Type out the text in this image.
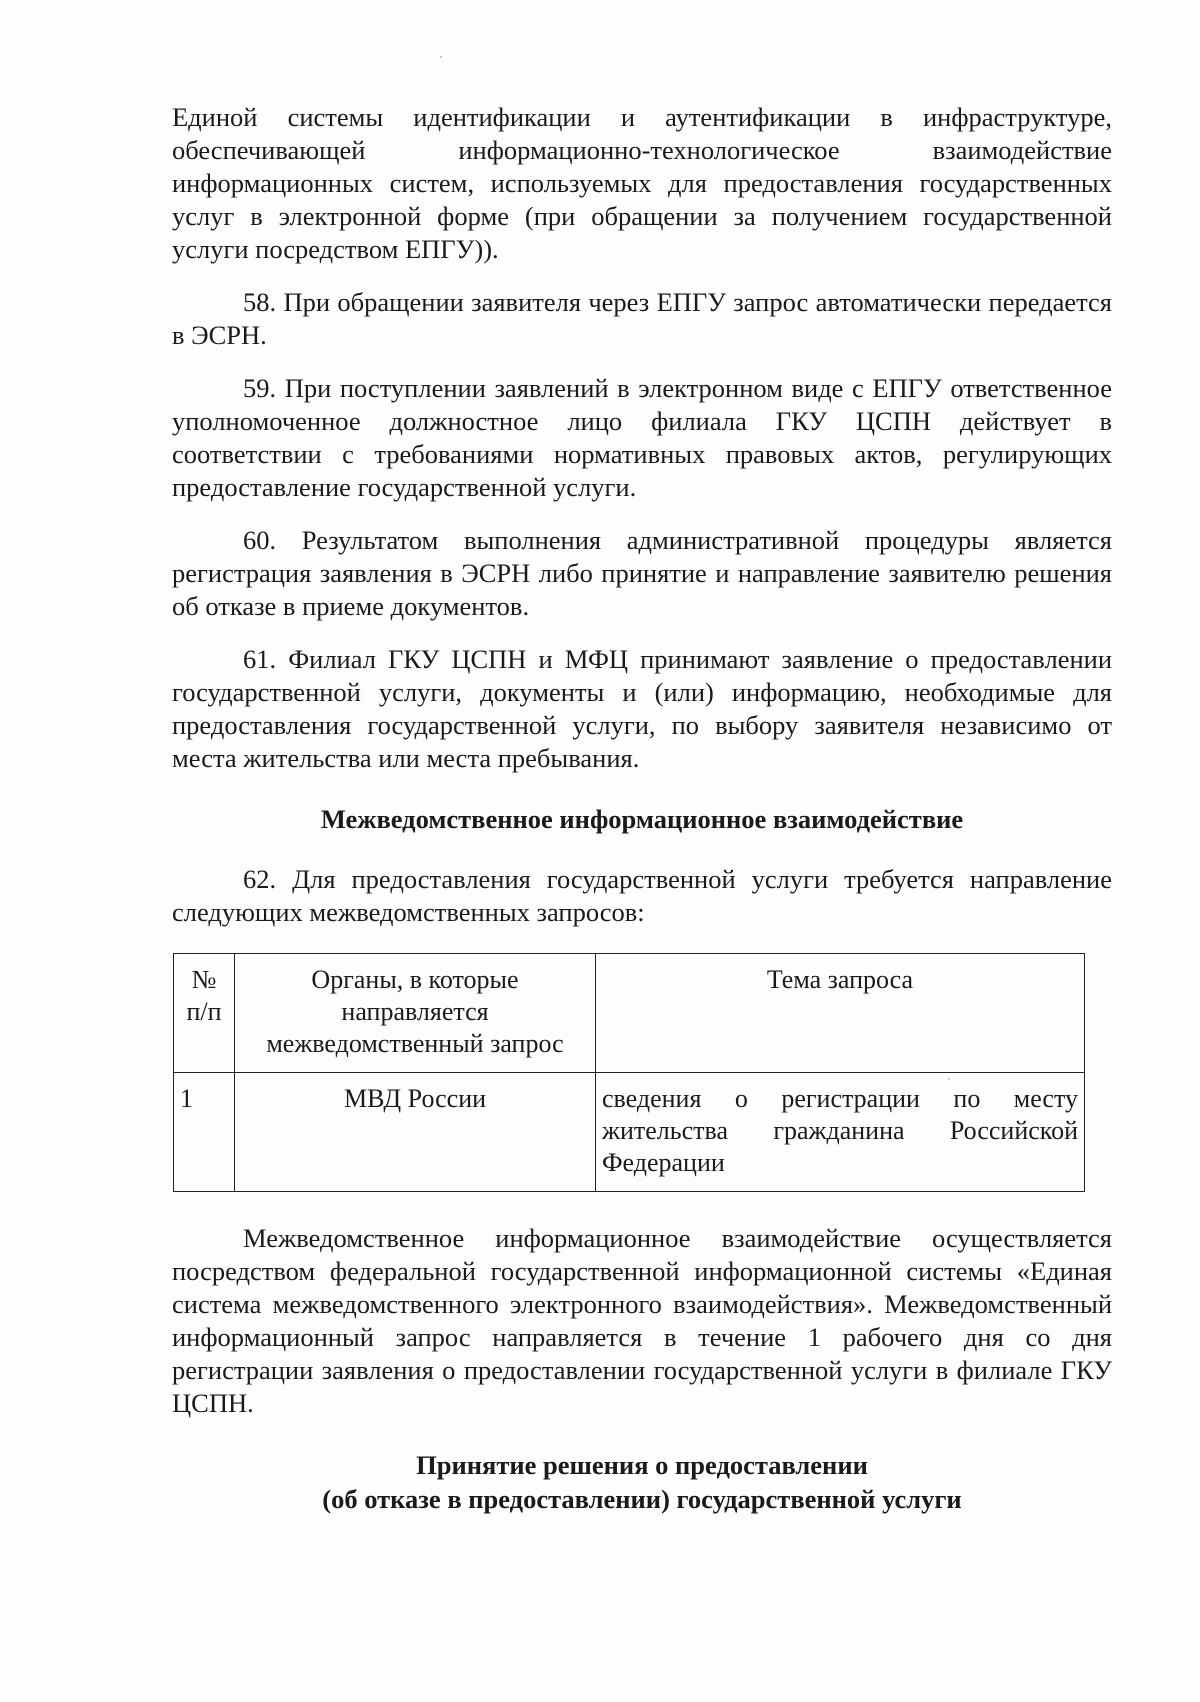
Единой системы идентификации и аутентификации в инфраструктуре, обеспечивающей информационно-технологическое взаимодействие информационных систем, используемых для предоставления государственных услуг в электронной форме (при обращении за получением государственной услуги посредством ЕПГУ)).

58. При обращении заявителя через ЕПГУ запрос автоматически передается в ЭСРН.

59. При поступлении заявлений в электронном виде с ЕПГУ ответственное уполномоченное должностное лицо филиала ГКУ ЦСПН действует в соответствии с требованиями нормативных правовых актов, регулирующих предоставление государственной услуги.

60. Результатом выполнения административной процедуры является регистрация заявления в ЭСРН либо принятие и направление заявителю решения об отказе в приеме документов.

61. Филиал ГКУ ЦСПН и МФЦ принимают заявление о предоставлении государственной услуги, документы и (или) информацию, необходимые для предоставления государственной услуги, по выбору заявителя независимо от места жительства или места пребывания.

Межведомственное информационное взаимодействие

62. Для предоставления государственной услуги требуется направление следующих межведомственных запросов:

№ п/п	Органы, в которые направляется межведомственный запрос	Тема запроса
1	МВД России	сведения о регистрации по месту жительства гражданина Российской Федерации

Межведомственное информационное взаимодействие осуществляется посредством федеральной государственной информационной системы «Единая система межведомственного электронного взаимодействия». Межведомственный информационный запрос направляется в течение 1 рабочего дня со дня регистрации заявления о предоставлении государственной услуги в филиале ГКУ ЦСПН.

Принятие решения о предоставлении

(об отказе в предоставлении) государственной услуги
